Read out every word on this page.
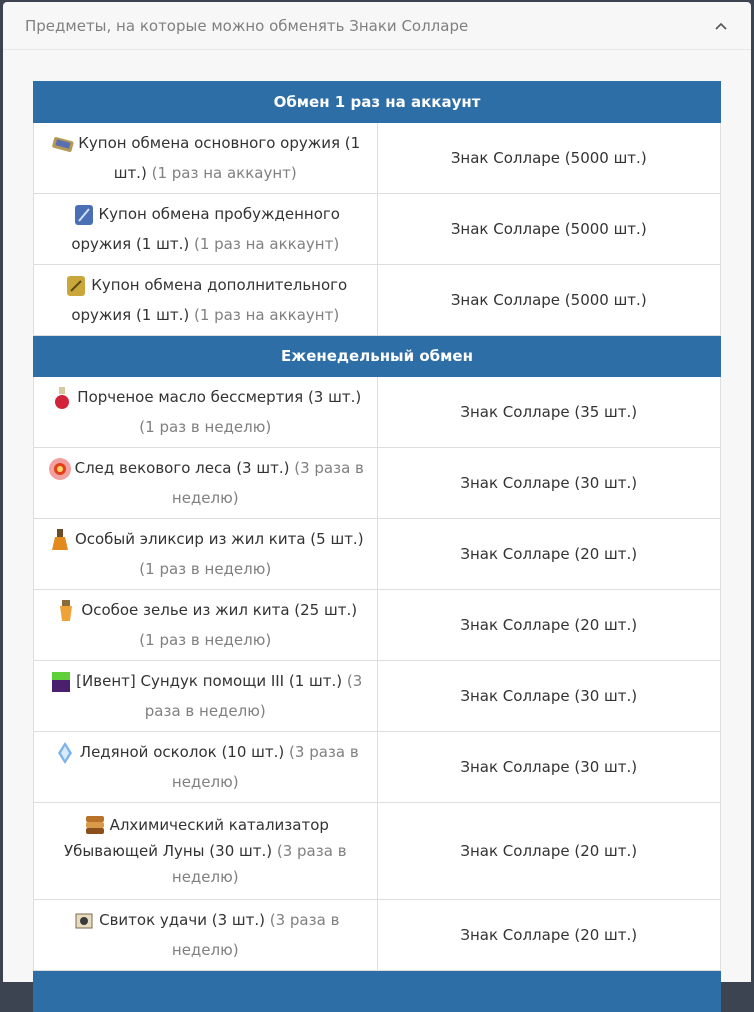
Предметы, на которые можно обменять Знаки Солларе
Обмен 1 раз на аккаунт	

Купон обмена основного оружия (1 шт.) (1 раз на аккаунт)	Знак Солларе (5000 шт.)

Купон обмена пробужденного оружия (1 шт.) (1 раз на аккаунт)	Знак Солларе (5000 шт.)

Купон обмена дополнительного оружия (1 шт.) (1 раз на аккаунт)	Знак Солларе (5000 шт.)
Еженедельный обмен	

Порченое масло бессмертия (3 шт.) (1 раз в неделю)	Знак Солларе (35 шт.)

След векового леса (3 шт.) (3 раза в неделю)	Знак Солларе (30 шт.)

Особый эликсир из жил кита (5 шт.) (1 раз в неделю)	Знак Солларе (20 шт.)

Особое зелье из жил кита (25 шт.) (1 раз в неделю)	Знак Солларе (20 шт.)

[Ивент] Сундук помощи III (1 шт.) (3 раза в неделю)	Знак Солларе (30 шт.)

Ледяной осколок (10 шт.) (3 раза в неделю)	Знак Солларе (30 шт.)

Алхимический катализатор Убывающей Луны (30 шт.) (3 раза в неделю)	Знак Солларе (20 шт.)

Свиток удачи (3 шт.) (3 раза в неделю)	Знак Солларе (20 шт.)
